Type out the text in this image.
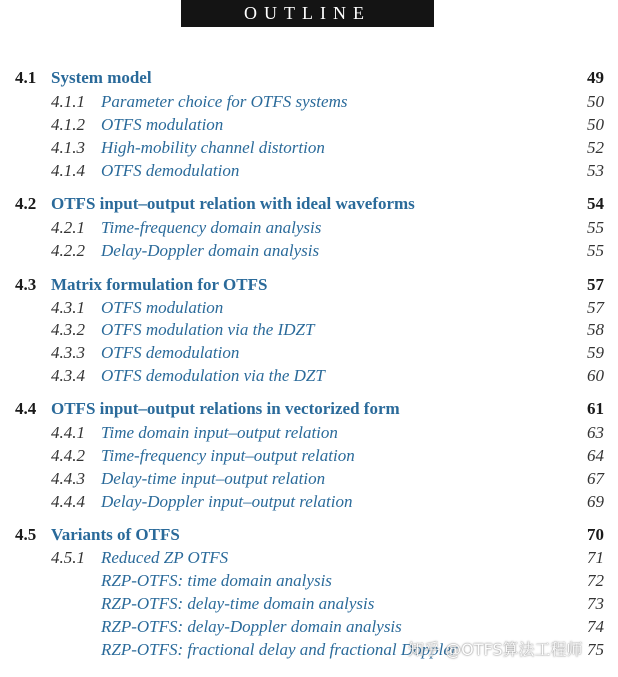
OUTLINE
4.1 System model	49
4.1.1 Parameter choice for OTFS systems	50
4.1.2 OTFS modulation	50
4.1.3 High-mobility channel distortion	52
4.1.4 OTFS demodulation	53
4.2 OTFS input–output relation with ideal waveforms	54
4.2.1 Time-frequency domain analysis	55
4.2.2 Delay-Doppler domain analysis	55
4.3 Matrix formulation for OTFS	57
4.3.1 OTFS modulation	57
4.3.2 OTFS modulation via the IDZT	58
4.3.3 OTFS demodulation	59
4.3.4 OTFS demodulation via the DZT	60
4.4 OTFS input–output relations in vectorized form	61
4.4.1 Time domain input–output relation	63
4.4.2 Time-frequency input–output relation	64
4.4.3 Delay-time input–output relation	67
4.4.4 Delay-Doppler input–output relation	69
4.5 Variants of OTFS	70
4.5.1 Reduced ZP OTFS	71
RZP-OTFS: time domain analysis	72
RZP-OTFS: delay-time domain analysis	73
RZP-OTFS: delay-Doppler domain analysis	74
RZP-OTFS: fractional delay and fractional Doppler	75
知乎 @OTFS算法工程师
